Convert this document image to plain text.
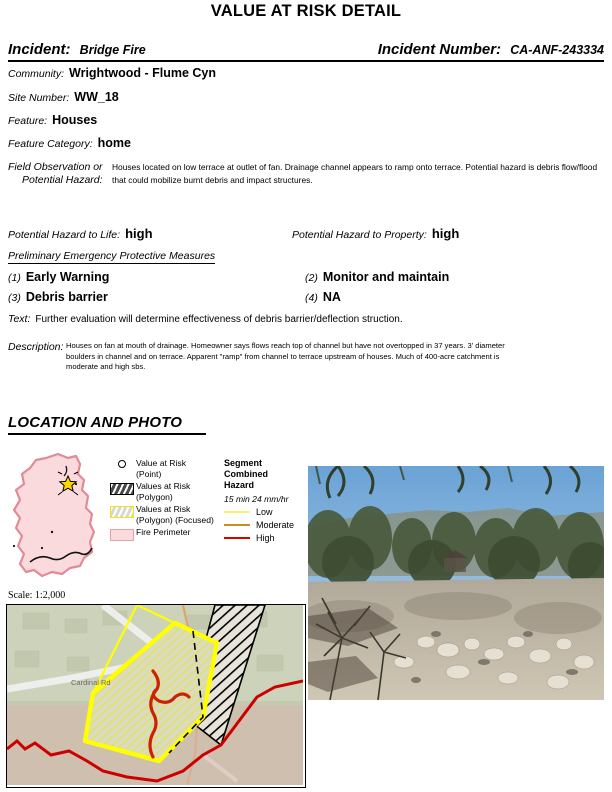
VALUE AT RISK DETAIL
Incident: Bridge Fire	Incident Number: CA-ANF-243334
Community: Wrightwood - Flume Cyn
Site Number: WW_18
Feature: Houses
Feature Category: home
Field Observation or
Potential Hazard:
Houses located on low terrace at outlet of fan. Drainage channel appears to ramp onto terrace. Potential hazard is debris flow/flood that could mobilize burnt debris and impact structures.
Potential Hazard to Life: high	Potential Hazard to Property: high
Preliminary Emergency Protective Measures
(1) Early Warning	(2) Monitor and maintain
(3) Debris barrier	(4) NA
Text: Further evaluation will determine effectiveness of debris barrier/deflection struction.
Description: Houses on fan at mouth of drainage. Homeowner says flows reach top of channel but have not overtopped in 37 years. 3' diameter boulders in channel and on terrace. Apparent "ramp" from channel to terrace upstream of houses. Much of 400-acre catchment is moderate and high sbs.
LOCATION AND PHOTO
Scale: 1:2,000
Value at Risk
(Point)
Values at Risk
(Polygon)
Values at Risk
(Polygon) (Focused)
Fire Perimeter
Segment
Combined
Hazard
15 min 24 mm/hr
Low
Moderate
High
Cardinal Rd
